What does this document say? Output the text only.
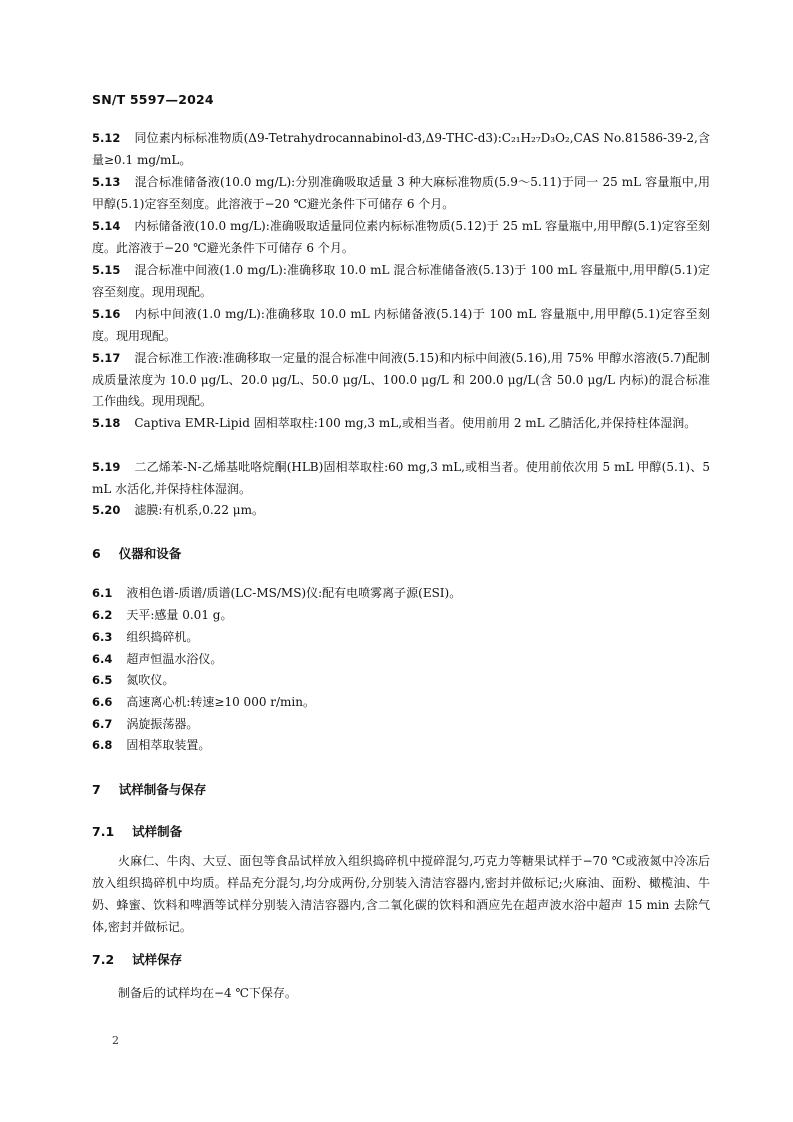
SN/T 5597—2024
5.12 同位素内标标准物质(Δ9-Tetrahydrocannabinol-d3,Δ9-THC-d3):C₂₁H₂₇D₃O₂,CAS No.81586-39-2,含量≥0.1 mg/mL。
5.13 混合标准储备液(10.0 mg/L):分别准确吸取适量 3 种大麻标准物质(5.9～5.11)于同一 25 mL 容量瓶中,用甲醇(5.1)定容至刻度。此溶液于−20 ℃避光条件下可储存 6 个月。
5.14 内标储备液(10.0 mg/L):准确吸取适量同位素内标标准物质(5.12)于 25 mL 容量瓶中,用甲醇(5.1)定容至刻度。此溶液于−20 ℃避光条件下可储存 6 个月。
5.15 混合标准中间液(1.0 mg/L):准确移取 10.0 mL 混合标准储备液(5.13)于 100 mL 容量瓶中,用甲醇(5.1)定容至刻度。现用现配。
5.16 内标中间液(1.0 mg/L):准确移取 10.0 mL 内标储备液(5.14)于 100 mL 容量瓶中,用甲醇(5.1)定容至刻度。现用现配。
5.17 混合标准工作液:准确移取一定量的混合标准中间液(5.15)和内标中间液(5.16),用 75% 甲醇水溶液(5.7)配制成质量浓度为 10.0 μg/L、20.0 μg/L、50.0 μg/L、100.0 μg/L 和 200.0 μg/L(含 50.0 μg/L 内标)的混合标准工作曲线。现用现配。
5.18 Captiva EMR-Lipid 固相萃取柱:100 mg,3 mL,或相当者。使用前用 2 mL 乙腈活化,并保持柱体湿润。
5.19 二乙烯苯-N-乙烯基吡咯烷酮(HLB)固相萃取柱:60 mg,3 mL,或相当者。使用前依次用 5 mL 甲醇(5.1)、5 mL 水活化,并保持柱体湿润。
5.20 滤膜:有机系,0.22 μm。
6 仪器和设备
6.1 液相色谱-质谱/质谱(LC-MS/MS)仪:配有电喷雾离子源(ESI)。
6.2 天平:感量 0.01 g。
6.3 组织捣碎机。
6.4 超声恒温水浴仪。
6.5 氮吹仪。
6.6 高速离心机:转速≥10 000 r/min。
6.7 涡旋振荡器。
6.8 固相萃取装置。
7 试样制备与保存
7.1 试样制备
火麻仁、牛肉、大豆、面包等食品试样放入组织捣碎机中搅碎混匀,巧克力等糖果试样于−70 ℃或液氮中冷冻后放入组织捣碎机中均质。样品充分混匀,均分成两份,分别装入清洁容器内,密封并做标记;火麻油、面粉、橄榄油、牛奶、蜂蜜、饮料和啤酒等试样分别装入清洁容器内,含二氧化碳的饮料和酒应先在超声波水浴中超声 15 min 去除气体,密封并做标记。
7.2 试样保存
制备后的试样均在−4 ℃下保存。
2
